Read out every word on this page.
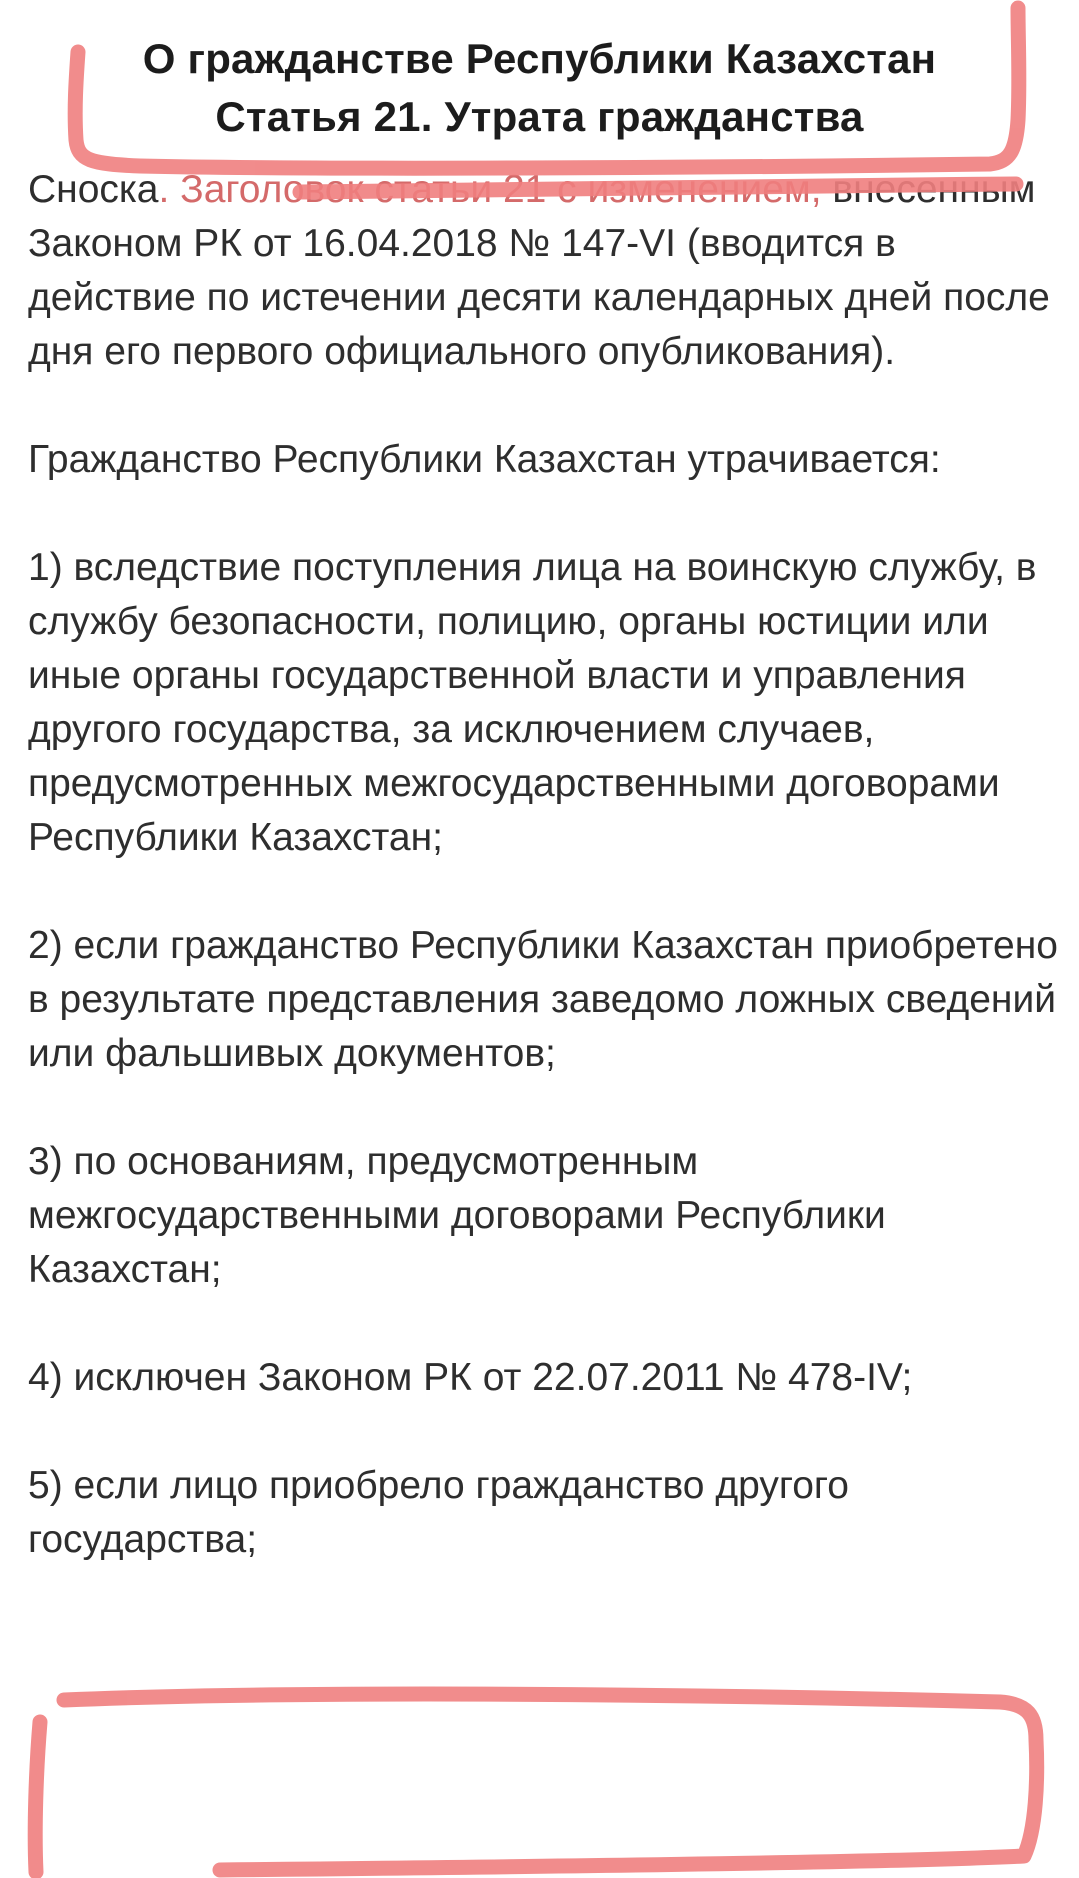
О гражданстве Республики Казахстан
Статья 21. Утрата гражданства

Сноска. Заголовок статьи 21 с изменением, внесенным Законом РК от 16.04.2018 № 147-VI (вводится в действие по истечении десяти календарных дней после дня его первого официального опубликования).

Гражданство Республики Казахстан утрачивается:

1) вследствие поступления лица на воинскую службу, в службу безопасности, полицию, органы юстиции или иные органы государственной власти и управления другого государства, за исключением случаев, предусмотренных межгосударственными договорами Республики Казахстан;

2) если гражданство Республики Казахстан приобретено в результате представления заведомо ложных сведений или фальшивых документов;

3) по основаниям, предусмотренным межгосударственными договорами Республики Казахстан;

4) исключен Законом РК от 22.07.2011 № 478-IV;

5) если лицо приобрело гражданство другого государства;
